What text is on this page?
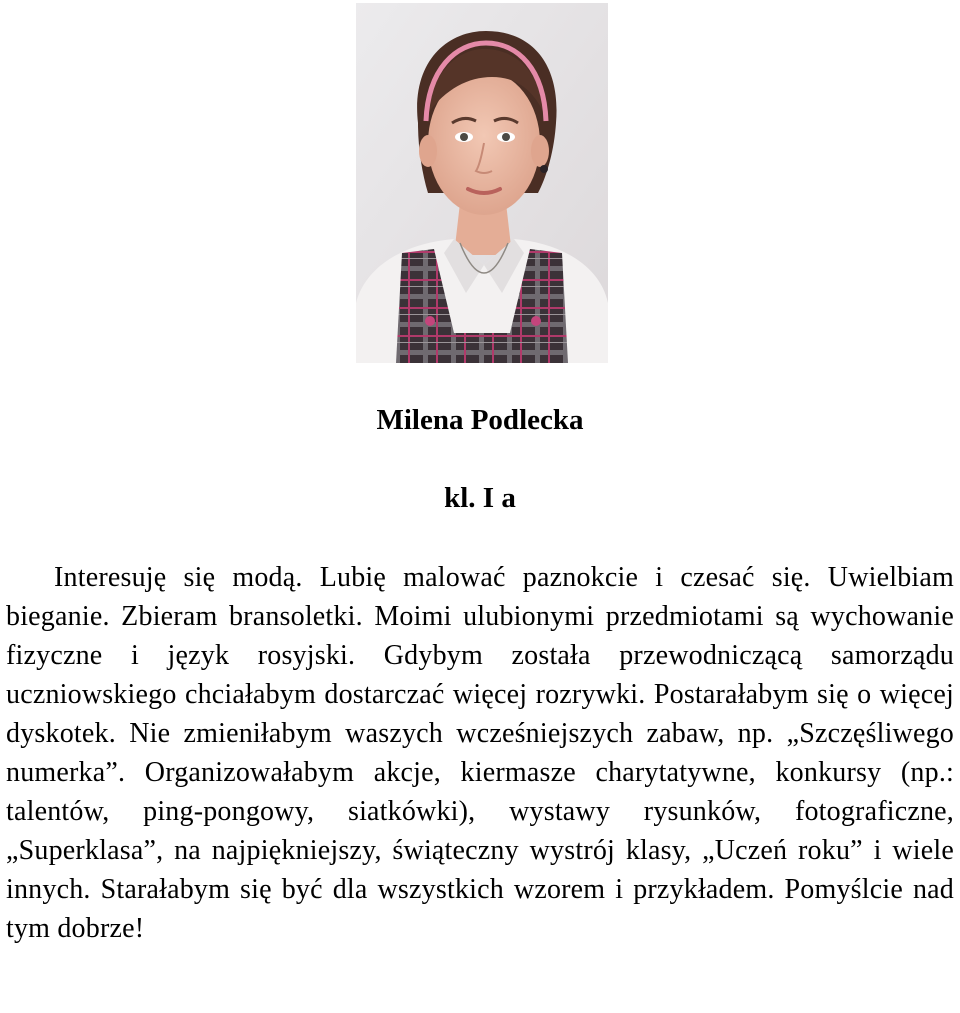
Milena Podlecka
kl. I a

Interesuję się modą. Lubię malować paznokcie i czesać się. Uwielbiam bieganie. Zbieram bransoletki. Moimi ulubionymi przedmiotami są wychowanie fizyczne i język rosyjski. Gdybym została przewodniczącą samorządu uczniowskiego chciałabym dostarczać więcej rozrywki. Postarałabym się o więcej dyskotek. Nie zmieniłabym waszych wcześniejszych zabaw, np. „Szczęśliwego numerka”. Organizowałabym akcje, kiermasze charytatywne, konkursy (np.: talentów, ping-pongowy, siatkówki), wystawy rysunków, fotograficzne, „Superklasa”, na najpiękniejszy, świąteczny wystrój klasy, „Uczeń roku” i wiele innych. Starałabym się być dla wszystkich wzorem i przykładem. Pomyślcie nad tym dobrze!
